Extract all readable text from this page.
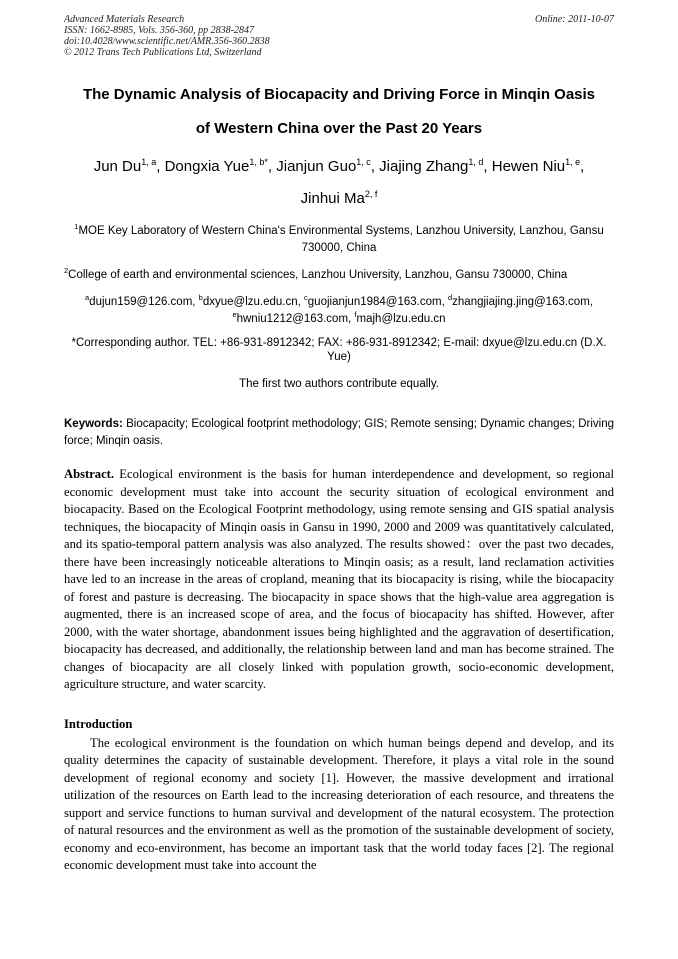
Advanced Materials Research	Online: 2011-10-07
ISSN: 1662-8985, Vols. 356-360, pp 2838-2847
doi:10.4028/www.scientific.net/AMR.356-360.2838
© 2012 Trans Tech Publications Ltd, Switzerland
The Dynamic Analysis of Biocapacity and Driving Force in Minqin Oasis
of Western China over the Past 20 Years
Jun Du$^{1, a}$, Dongxia Yue$^{1, b*}$, Jianjun Guo$^{1, c}$, Jiajing Zhang$^{1, d}$, Hewen Niu$^{1, e}$,
Jinhui Ma$^{2, f}$
$^1$MOE Key Laboratory of Western China's Environmental Systems, Lanzhou University, Lanzhou, Gansu 730000, China
$^2$College of earth and environmental sciences, Lanzhou University, Lanzhou, Gansu 730000, China
$^a$dujun159@126.com, $^b$dxyue@lzu.edu.cn, $^c$guojianjun1984@163.com, $^d$zhangjiajing.jing@163.com, $^e$hwniu1212@163.com, $^f$majh@lzu.edu.cn
*Corresponding author. TEL: +86-931-8912342; FAX: +86-931-8912342; E-mail: dxyue@lzu.edu.cn (D.X. Yue)
The first two authors contribute equally.
Keywords: Biocapacity; Ecological footprint methodology; GIS; Remote sensing; Dynamic changes; Driving force; Minqin oasis.
Abstract. Ecological environment is the basis for human interdependence and development, so regional economic development must take into account the security situation of ecological environment and biocapacity. Based on the Ecological Footprint methodology, using remote sensing and GIS spatial analysis techniques, the biocapacity of Minqin oasis in Gansu in 1990, 2000 and 2009 was quantitatively calculated, and its spatio-temporal pattern analysis was also analyzed. The results showed：over the past two decades, there have been increasingly noticeable alterations to Minqin oasis; as a result, land reclamation activities have led to an increase in the areas of cropland, meaning that its biocapacity is rising, while the biocapacity of forest and pasture is decreasing. The biocapacity in space shows that the high-value area aggregation is augmented, there is an increased scope of area, and the focus of biocapacity has shifted. However, after 2000, with the water shortage, abandonment issues being highlighted and the aggravation of desertification, biocapacity has decreased, and additionally, the relationship between land and man has become strained. The changes of biocapacity are all closely linked with population growth, socio-economic development, agriculture structure, and water scarcity.
Introduction
The ecological environment is the foundation on which human beings depend and develop, and its quality determines the capacity of sustainable development. Therefore, it plays a vital role in the sound development of regional economy and society [1]. However, the massive development and irrational utilization of the resources on Earth lead to the increasing deterioration of each resource, and threatens the support and service functions to human survival and development of the natural ecosystem. The protection of natural resources and the environment as well as the promotion of the sustainable development of society, economy and eco-environment, has become an important task that the world today faces [2]. The regional economic development must take into account the
